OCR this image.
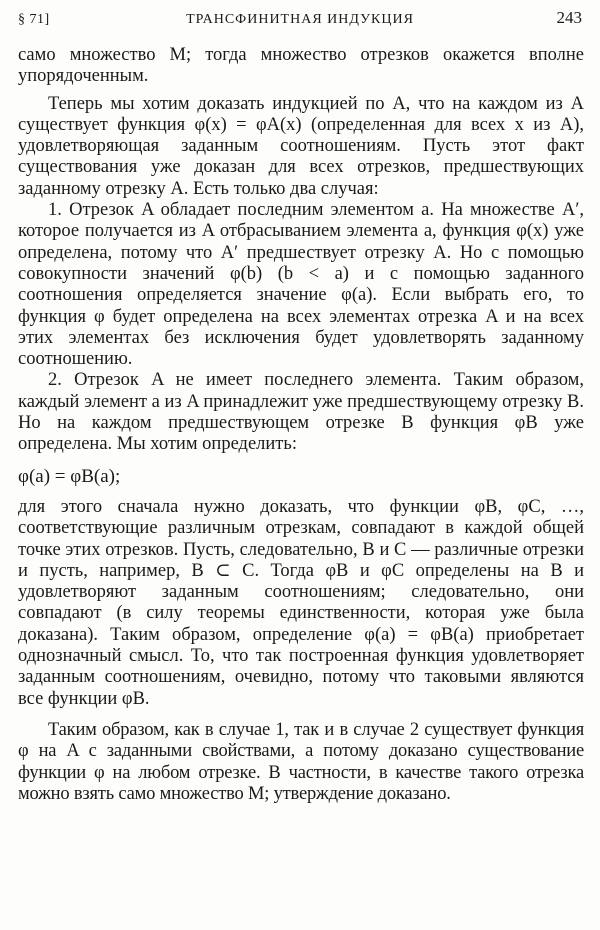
§ 71]	ТРАНСФИНИТНАЯ ИНДУКЦИЯ	243

само множество M; тогда множество отрезков окажется вполне упорядоченным.

Теперь мы хотим доказать индукцией по A, что на каждом из A существует функция φ(x) = φA(x) (определенная для всех x из A), удовлетворяющая заданным соотношениям. Пусть этот факт существования уже доказан для всех отрезков, предшествующих заданному отрезку A. Есть только два случая:

1. Отрезок A обладает последним элементом a. На множестве A′, которое получается из A отбрасыванием элемента a, функция φ(x) уже определена, потому что A′ предшествует отрезку A. Но с помощью совокупности значений φ(b) (b < a) и с помощью заданного соотношения определяется значение φ(a). Если выбрать его, то функция φ будет определена на всех элементах отрезка A и на всех этих элементах без исключения будет удовлетворять заданному соотношению.

2. Отрезок A не имеет последнего элемента. Таким образом, каждый элемент a из A принадлежит уже предшествующему отрезку B. Но на каждом предшествующем отрезке B функция φB уже определена. Мы хотим определить:

φ(a) = φB(a);

для этого сначала нужно доказать, что функции φB, φC, …, соответствующие различным отрезкам, совпадают в каждой общей точке этих отрезков. Пусть, следовательно, B и C — различные отрезки и пусть, например, B ⊂ C. Тогда φB и φC определены на B и удовлетворяют заданным соотношениям; следовательно, они совпадают (в силу теоремы единственности, которая уже была доказана). Таким образом, определение φ(a) = φB(a) приобретает однозначный смысл. То, что так построенная функция удовлетворяет заданным соотношениям, очевидно, потому что таковыми являются все функции φB.

Таким образом, как в случае 1, так и в случае 2 существует функция φ на A с заданными свойствами, а потому доказано существование функции φ на любом отрезке. В частности, в качестве такого отрезка можно взять само множество M; утверждение доказано.
